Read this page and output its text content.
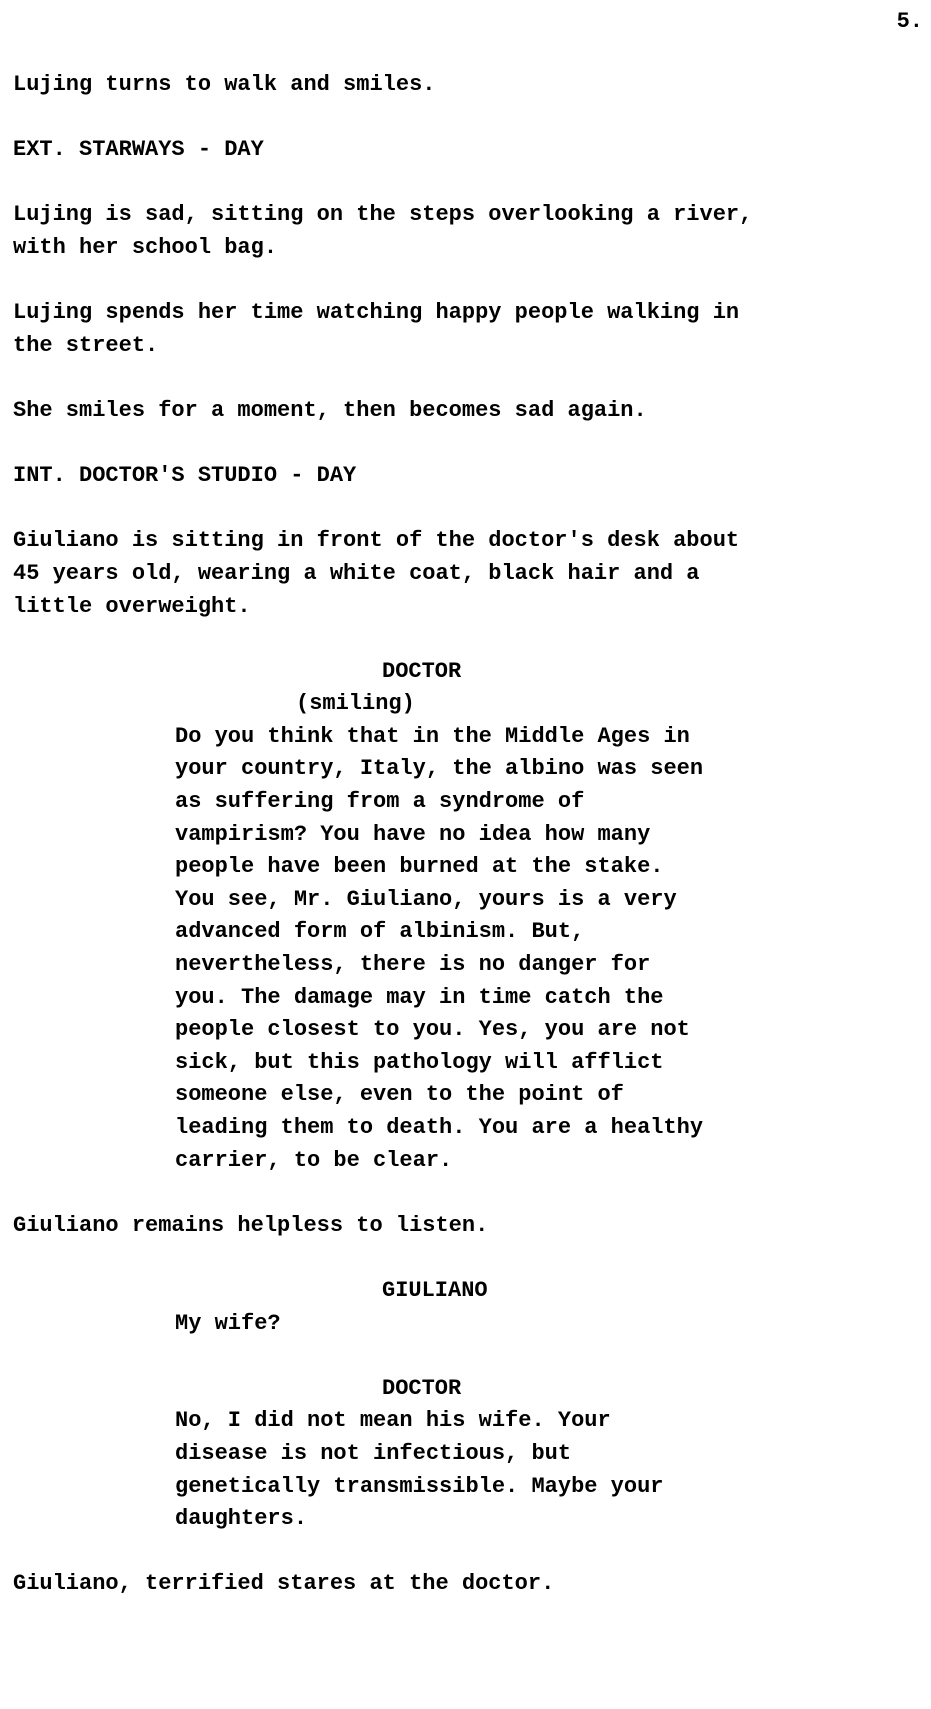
5.
Lujing turns to walk and smiles.
EXT. STARWAYS - DAY
Lujing is sad, sitting on the steps overlooking a river,
with her school bag.
Lujing spends her time watching happy people walking in
the street.
She smiles for a moment, then becomes sad again.
INT. DOCTOR'S STUDIO - DAY
Giuliano is sitting in front of the doctor's desk about
45 years old, wearing a white coat, black hair and a
little overweight.
DOCTOR
(smiling)
Do you think that in the Middle Ages in
your country, Italy, the albino was seen
as suffering from a syndrome of
vampirism? You have no idea how many
people have been burned at the stake.
You see, Mr. Giuliano, yours is a very
advanced form of albinism. But,
nevertheless, there is no danger for
you. The damage may in time catch the
people closest to you. Yes, you are not
sick, but this pathology will afflict
someone else, even to the point of
leading them to death. You are a healthy
carrier, to be clear.
Giuliano remains helpless to listen.
GIULIANO
My wife?
DOCTOR
No, I did not mean his wife. Your
disease is not infectious, but
genetically transmissible. Maybe your
daughters.
Giuliano, terrified stares at the doctor.
